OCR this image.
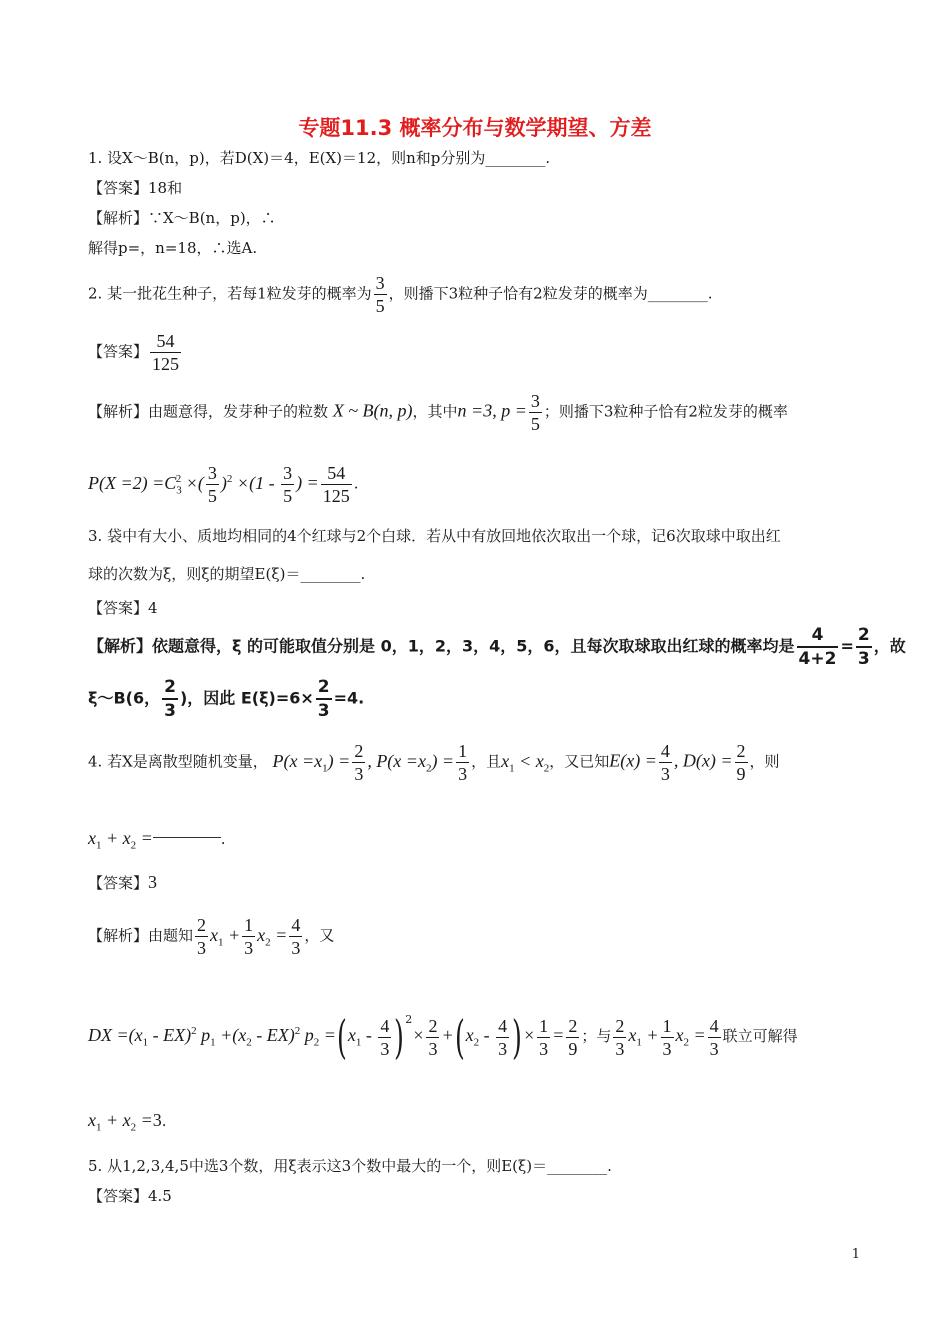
专题11.3 概率分布与数学期望、方差
1. 设X～B(n，p)，若D(X)＝4，E(X)＝12，则n和p分别为________.
【答案】18和
【解析】∵X～B(n，p)，∴
解得p=，n=18，∴选A.
2. 某一批花生种子，若每1粒发芽的概率为 $\frac{3}{5}$ ，则播下3粒种子恰有2粒发芽的概率为________.
【答案】 $\frac{54}{125}$
【解析】由题意得，发芽种子的粒数 X ~ B(n, p)，其中n =3, $p = \frac{3}{5}$ ；则播下3粒种子恰有2粒发芽的概率
$P(X =2) =C_3^2$ ×( $\frac{3}{5} )^2 \times(1 - \frac{3}{5}$ ) = $\frac{54}{125}$ .
3. 袋中有大小、质地均相同的4个红球与2个白球．若从中有放回地依次取出一个球，记6次取球中取出红
球的次数为ξ，则ξ的期望E(ξ)＝________.
【答案】4
【解析】依题意得，ξ 的可能取值分别是 0，1，2，3，4，5，6，且每次取球取出红球的概率均是 $\frac{4}{4+2} = \frac{2}{3}$ ，故
ξ～B(6， $\frac{2}{3}$ )，因此 $E(\xi)=6\times \frac{2}{3} =4$.
4. 若X是离散型随机变量， $P(x =x_1) = \frac{2}{3}$ , $P(x =x_2) = \frac{1}{3}$ ，且$x_1 < x_2$，又已知$E(x) = \frac{4}{3}$ , $D(x) = \frac{2}{9}$ ，则
$x_1 + x_2$ =	.
【答案】3
【解析】由题知 $\frac{2}{3} x_1 + \frac{1}{3} x_2 = \frac{4}{3}$ ，又
DX $=(x_1 - EX)^2$ $p_1 +(x_2 - EX)^2$ $p_2 =(x_1 - \frac{4}{3} )^2\times \frac{2}{3} +(x_2 - \frac{4}{3}$ )× $\frac{1}{3} = \frac{2}{9}$ ；与 $\frac{2}{3} x_1 + \frac{1}{3} x_2 = \frac{4}{3}$ 联立可解得
$x_1 + x_2 =3$.
5. 从1,2,3,4,5中选3个数，用ξ表示这3个数中最大的一个，则E(ξ)＝________.
【答案】4.5
1
